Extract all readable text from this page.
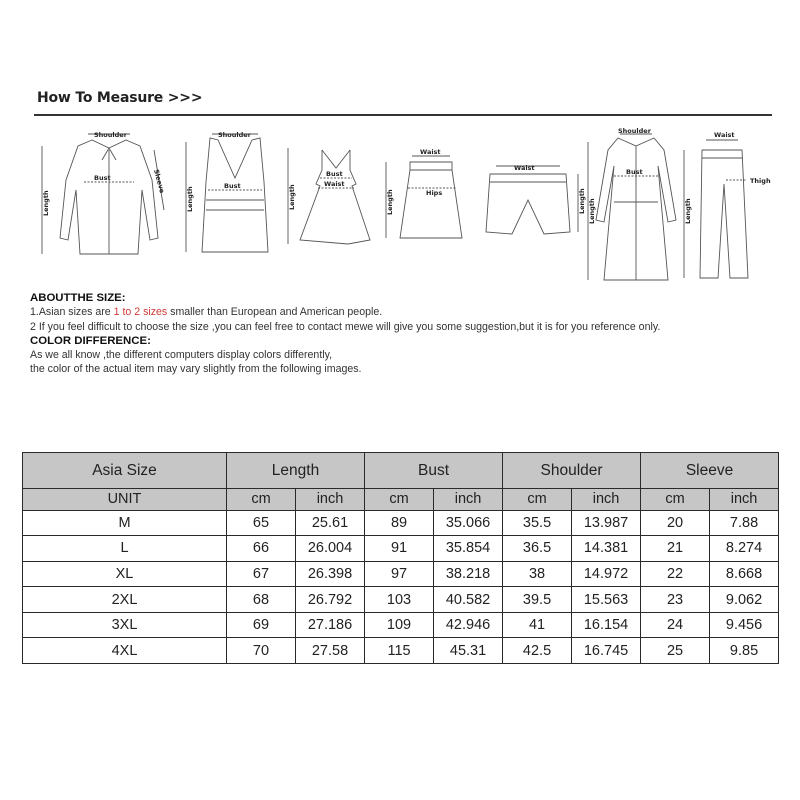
How To Measure >>>
Shoulder
Bust
Length
Sleeve
Shoulder
Bust
Length
Bust
Waist
Length
Waist
Hips
Length
Waist
Length
Shoulder
Bust
Length
Waist
Thigh
Length
ABOUTTHE SIZE:
1.Asian sizes are 1 to 2 sizes smaller than European and American people.
2 If you feel difficult to choose the size ,you can feel free to contact mewe will give you some suggestion,but it is for you reference only.
COLOR DIFFERENCE:
As we all know ,the different computers display colors differently,
the color of the actual item may vary slightly from the following images.
Asia Size	Length		Bust		Shoulder		Sleeve	
UNIT	cm	inch	cm	inch	cm	inch	cm	inch
M	65	25.61	89	35.066	35.5	13.987	20	7.88
L	66	26.004	91	35.854	36.5	14.381	21	8.274
XL	67	26.398	97	38.218	38	14.972	22	8.668
2XL	68	26.792	103	40.582	39.5	15.563	23	9.062
3XL	69	27.186	109	42.946	41	16.154	24	9.456
4XL	70	27.58	115	45.31	42.5	16.745	25	9.85
